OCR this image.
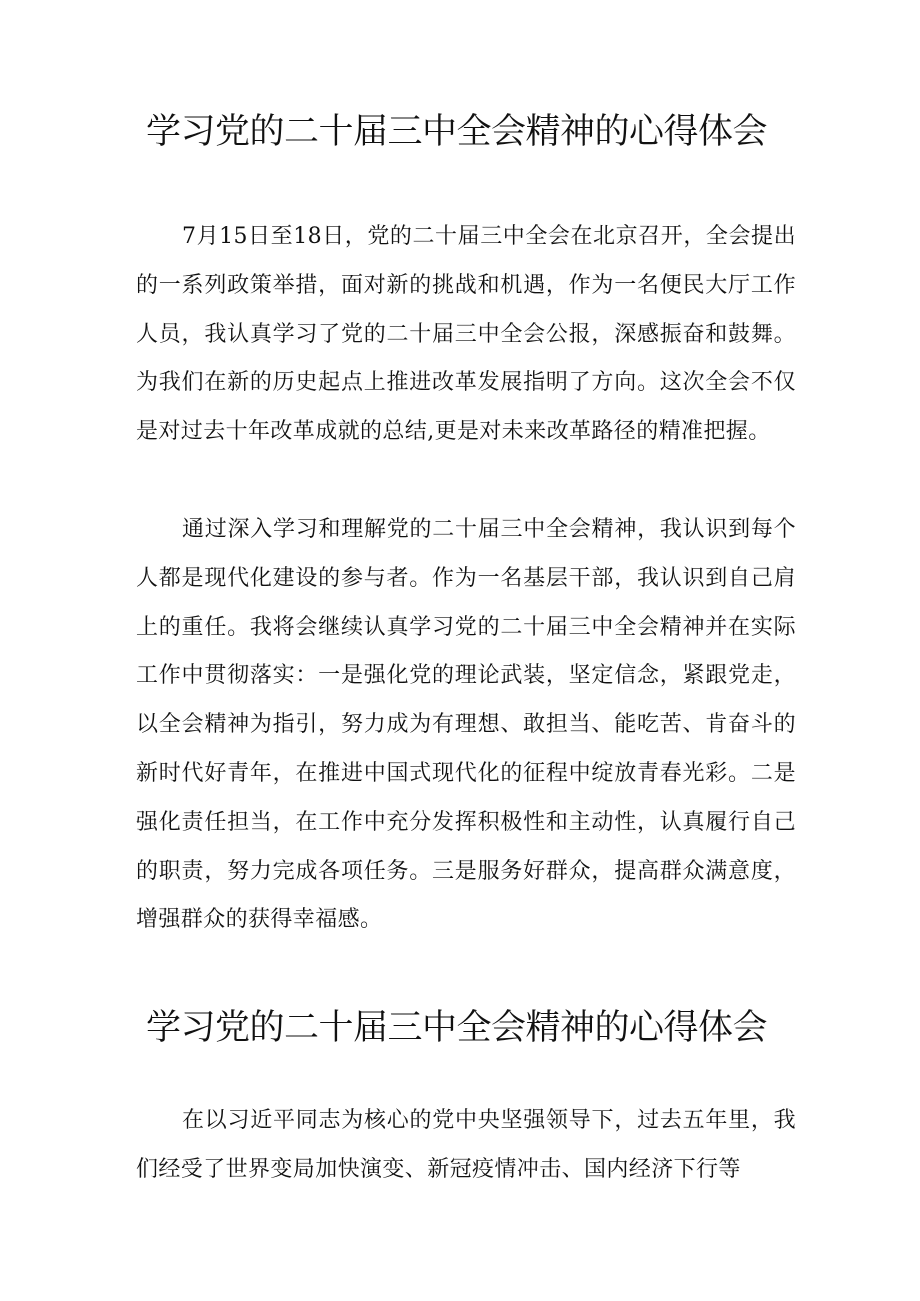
学习党的二十届三中全会精神的心得体会

7月15日至18日，党的二十届三中全会在北京召开，全会提出的一系列政策举措，面对新的挑战和机遇，作为一名便民大厅工作人员，我认真学习了党的二十届三中全会公报，深感振奋和鼓舞。为我们在新的历史起点上推进改革发展指明了方向。这次全会不仅是对过去十年改革成就的总结,更是对未来改革路径的精准把握。

通过深入学习和理解党的二十届三中全会精神，我认识到每个人都是现代化建设的参与者。作为一名基层干部，我认识到自己肩上的重任。我将会继续认真学习党的二十届三中全会精神并在实际工作中贯彻落实：一是强化党的理论武装，坚定信念，紧跟党走，以全会精神为指引，努力成为有理想、敢担当、能吃苦、肯奋斗的新时代好青年，在推进中国式现代化的征程中绽放青春光彩。二是强化责任担当，在工作中充分发挥积极性和主动性，认真履行自己的职责，努力完成各项任务。三是服务好群众，提高群众满意度，增强群众的获得幸福感。

学习党的二十届三中全会精神的心得体会

在以习近平同志为核心的党中央坚强领导下，过去五年里，我们经受了世界变局加快演变、新冠疫情冲击、国内经济下行等
